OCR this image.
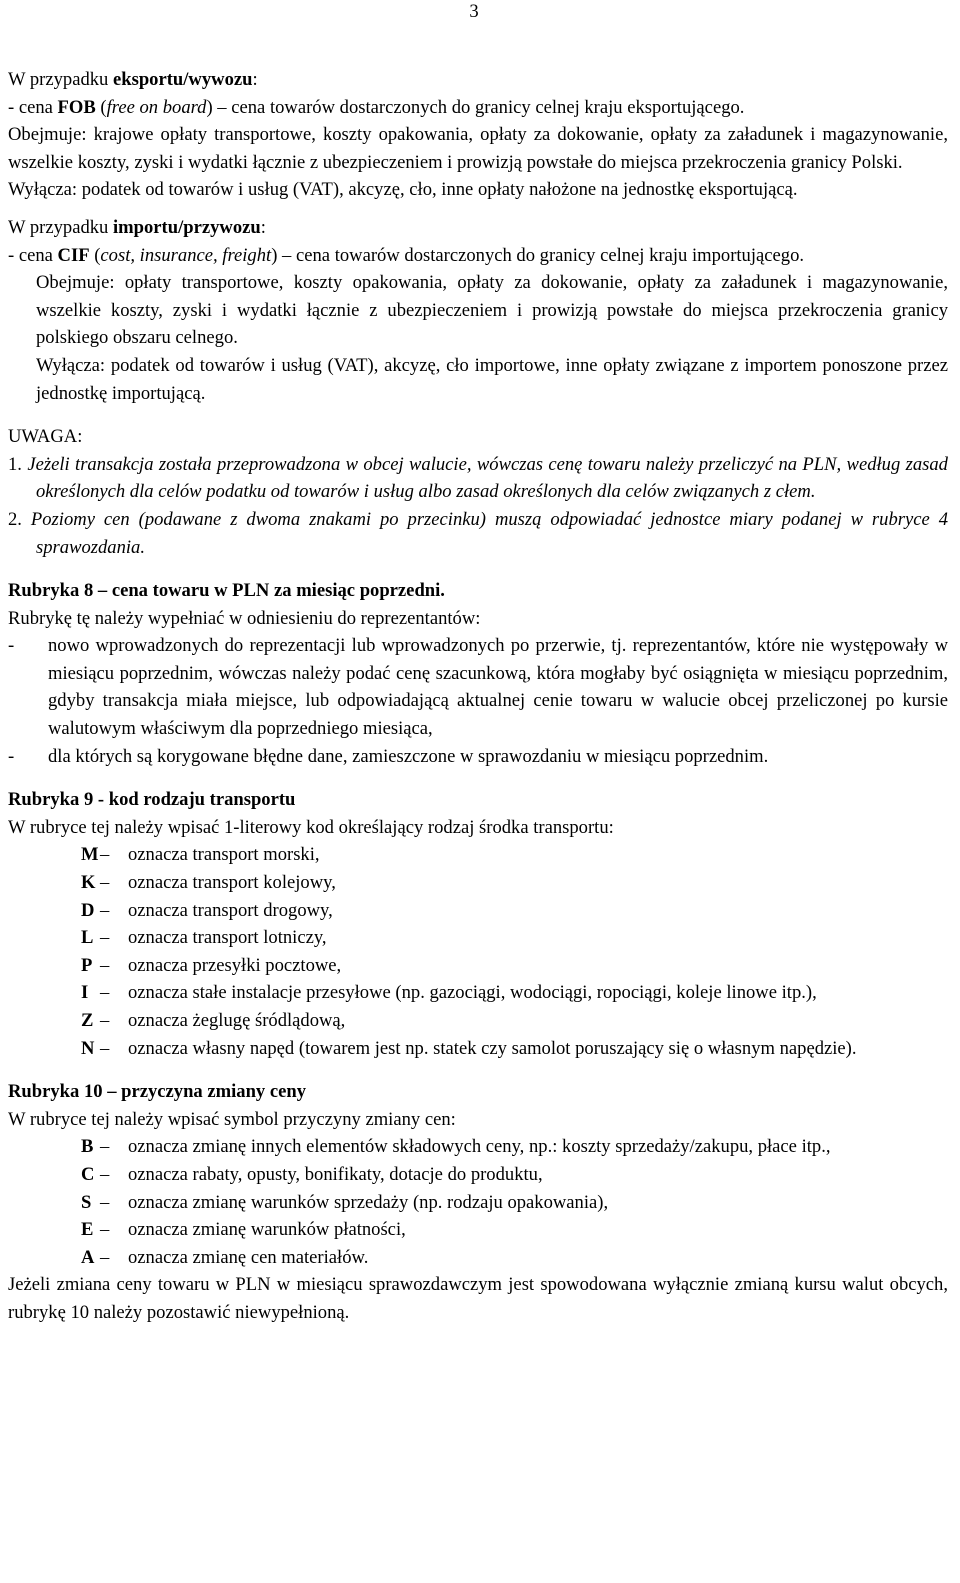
3

W przypadku eksportu/wywozu:

- cena FOB (free on board) – cena towarów dostarczonych do granicy celnej kraju eksportującego.

Obejmuje: krajowe opłaty transportowe, koszty opakowania, opłaty za dokowanie, opłaty za załadunek i magazynowanie, wszelkie koszty, zyski i wydatki łącznie z ubezpieczeniem i prowizją powstałe do miejsca przekroczenia granicy Polski.

Wyłącza: podatek od towarów i usług (VAT), akcyzę, cło, inne opłaty nałożone na jednostkę eksportującą.

W przypadku importu/przywozu:

- cena CIF (cost, insurance, freight) – cena towarów dostarczonych do granicy celnej kraju importującego.

Obejmuje: opłaty transportowe, koszty opakowania, opłaty za dokowanie, opłaty za załadunek i magazynowanie, wszelkie koszty, zyski i wydatki łącznie z ubezpieczeniem i prowizją powstałe do miejsca przekroczenia granicy polskiego obszaru celnego.

Wyłącza: podatek od towarów i usług (VAT), akcyzę, cło importowe, inne opłaty związane z importem ponoszone przez jednostkę importującą.

UWAGA:

1. Jeżeli transakcja została przeprowadzona w obcej walucie, wówczas cenę towaru należy przeliczyć na PLN, według zasad określonych dla celów podatku od towarów i usług albo zasad określonych dla celów związanych z cłem.

2. Poziomy cen (podawane z dwoma znakami po przecinku) muszą odpowiadać jednostce miary podanej w rubryce 4 sprawozdania.

Rubryka 8 – cena towaru w PLN za miesiąc poprzedni.

Rubrykę tę należy wypełniać w odniesieniu do reprezentantów:

- nowo wprowadzonych do reprezentacji lub wprowadzonych po przerwie, tj. reprezentantów, które nie występowały w miesiącu poprzednim, wówczas należy podać cenę szacunkową, która mogłaby być osiągnięta w miesiącu poprzednim, gdyby transakcja miała miejsce, lub odpowiadającą aktualnej cenie towaru w walucie obcej przeliczonej po kursie walutowym właściwym dla poprzedniego miesiąca,

- dla których są korygowane błędne dane, zamieszczone w sprawozdaniu w miesiącu poprzednim.

Rubryka 9 - kod rodzaju transportu

W rubryce tej należy wpisać 1-literowy kod określający rodzaj środka transportu:

M – oznacza transport morski,

K – oznacza transport kolejowy,

D – oznacza transport drogowy,

L – oznacza transport lotniczy,

P – oznacza przesyłki pocztowe,

I – oznacza stałe instalacje przesyłowe (np. gazociągi, wodociągi, ropociągi, koleje linowe itp.),

Z – oznacza żeglugę śródlądową,

N – oznacza własny napęd (towarem jest np. statek czy samolot poruszający się o własnym napędzie).

Rubryka 10 – przyczyna zmiany ceny

W rubryce tej należy wpisać symbol przyczyny zmiany cen:

B – oznacza zmianę innych elementów składowych ceny, np.: koszty sprzedaży/zakupu, płace itp.,

C – oznacza rabaty, opusty, bonifikaty, dotacje do produktu,

S – oznacza zmianę warunków sprzedaży (np. rodzaju opakowania),

E – oznacza zmianę warunków płatności,

A – oznacza zmianę cen materiałów.

Jeżeli zmiana ceny towaru w PLN w miesiącu sprawozdawczym jest spowodowana wyłącznie zmianą kursu walut obcych, rubrykę 10 należy pozostawić niewypełnioną.
